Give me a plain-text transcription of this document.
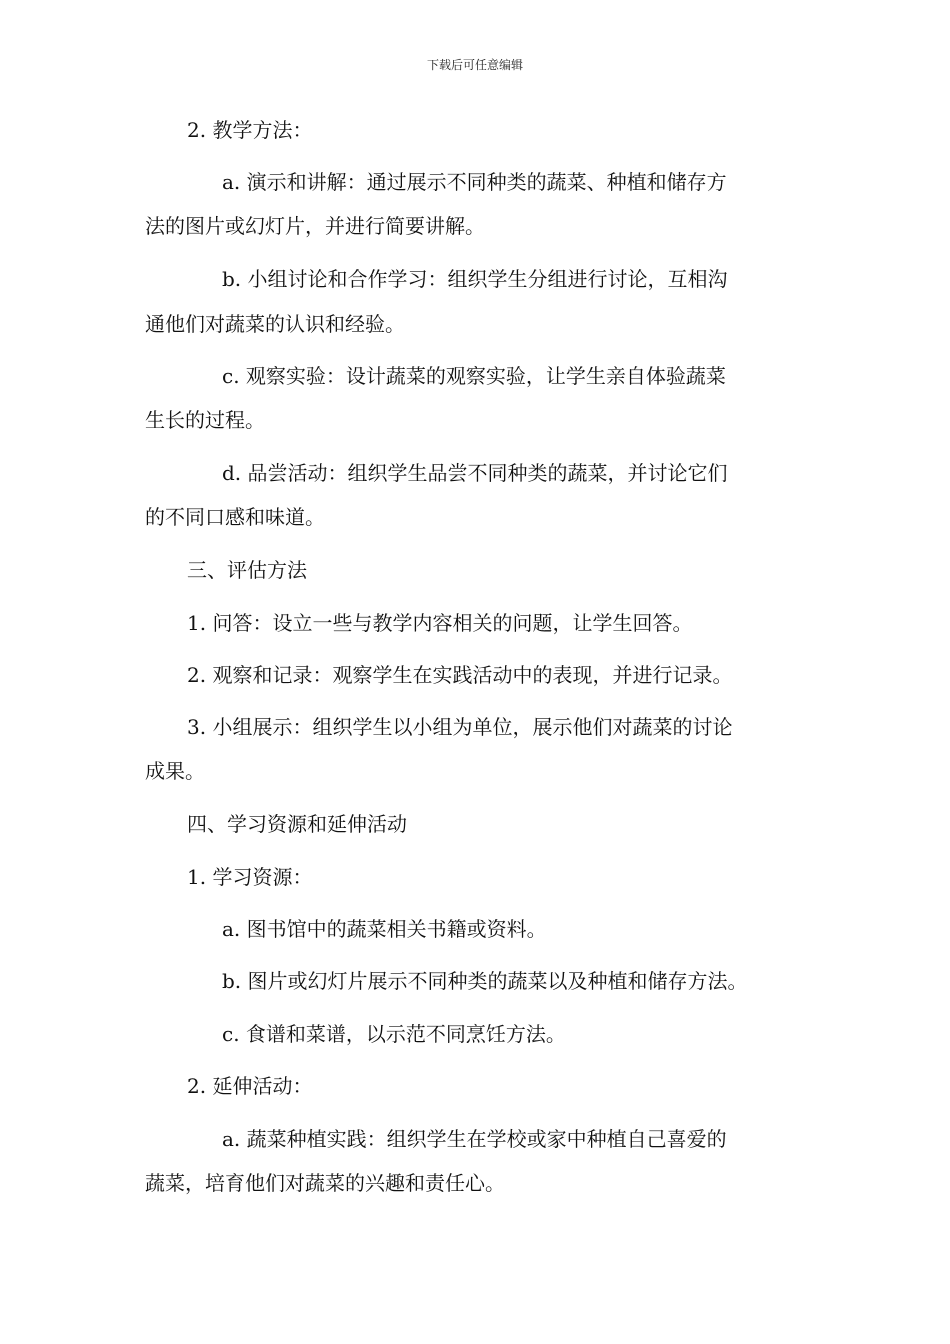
下载后可任意编辑

2. 教学方法：

a. 演示和讲解：通过展示不同种类的蔬菜、种植和储存方

法的图片或幻灯片，并进行简要讲解。

b. 小组讨论和合作学习：组织学生分组进行讨论，互相沟

通他们对蔬菜的认识和经验。

c. 观察实验：设计蔬菜的观察实验，让学生亲自体验蔬菜

生长的过程。

d. 品尝活动：组织学生品尝不同种类的蔬菜，并讨论它们

的不同口感和味道。

三、评估方法

1. 问答：设立一些与教学内容相关的问题，让学生回答。

2. 观察和记录：观察学生在实践活动中的表现，并进行记录。

3. 小组展示：组织学生以小组为单位，展示他们对蔬菜的讨论

成果。

四、学习资源和延伸活动

1. 学习资源：

a. 图书馆中的蔬菜相关书籍或资料。

b. 图片或幻灯片展示不同种类的蔬菜以及种植和储存方法。

c. 食谱和菜谱，以示范不同烹饪方法。

2. 延伸活动：

a. 蔬菜种植实践：组织学生在学校或家中种植自己喜爱的

蔬菜，培育他们对蔬菜的兴趣和责任心。
